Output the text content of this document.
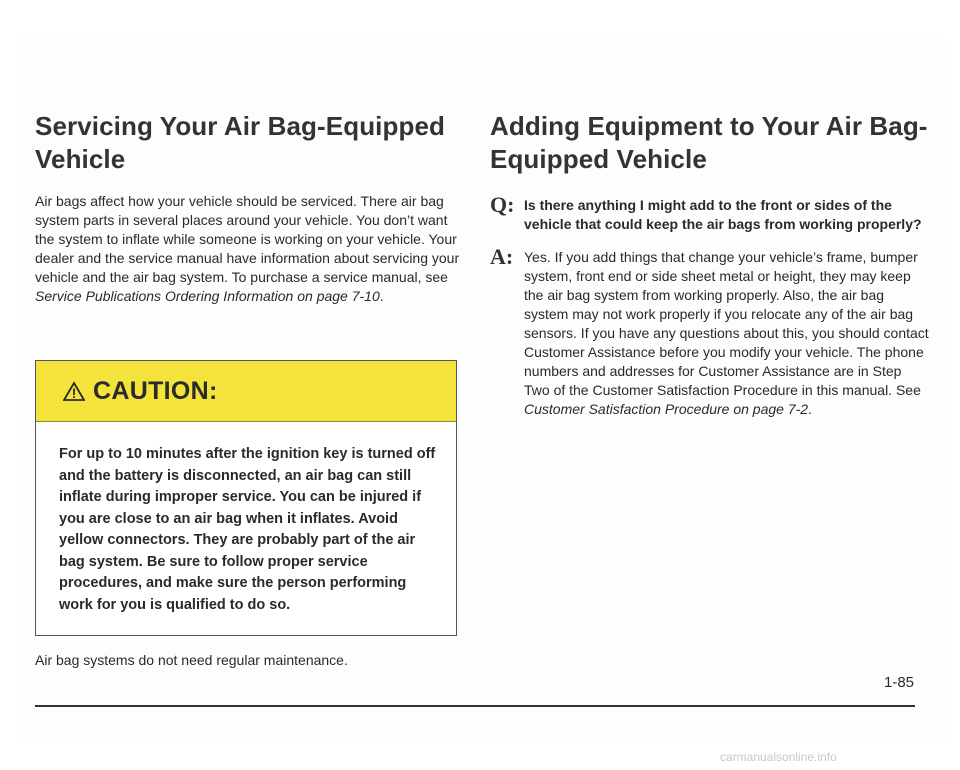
Servicing Your Air Bag-Equipped Vehicle

Air bags affect how your vehicle should be serviced. There air bag system parts in several places around your vehicle. You don’t want the system to inflate while someone is working on your vehicle. Your dealer and the service manual have information about servicing your vehicle and the air bag system. To purchase a service manual, see Service Publications Ordering Information on page 7-10.

CAUTION:

For up to 10 minutes after the ignition key is turned off and the battery is disconnected, an air bag can still inflate during improper service. You can be injured if you are close to an air bag when it inflates. Avoid yellow connectors. They are probably part of the air bag system. Be sure to follow proper service procedures, and make sure the person performing work for you is qualified to do so.

Air bag systems do not need regular maintenance.
Adding Equipment to Your Air Bag-Equipped Vehicle
Q: Is there anything I might add to the front or sides of the vehicle that could keep the air bags from working properly?
A: Yes. If you add things that change your vehicle’s frame, bumper system, front end or side sheet metal or height, they may keep the air bag system from working properly. Also, the air bag system may not work properly if you relocate any of the air bag sensors. If you have any questions about this, you should contact Customer Assistance before you modify your vehicle. The phone numbers and addresses for Customer Assistance are in Step Two of the Customer Satisfaction Procedure in this manual. See Customer Satisfaction Procedure on page 7-2.
1-85
carmanualsonline.info
